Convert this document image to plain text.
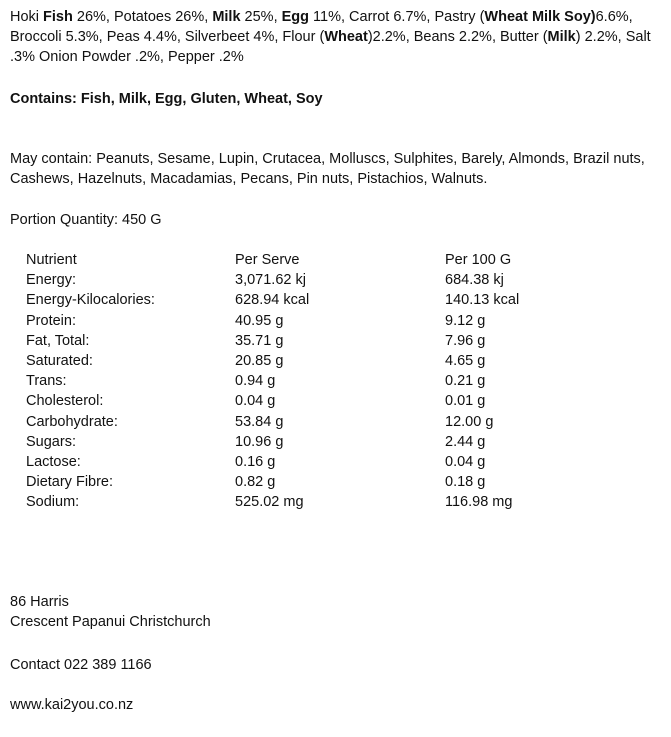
Hoki Fish 26%, Potatoes 26%, Milk 25%, Egg 11%, Carrot 6.7%, Pastry (Wheat Milk Soy)6.6%, Broccoli 5.3%, Peas 4.4%, Silverbeet 4%, Flour (Wheat)2.2%, Beans 2.2%, Butter (Milk) 2.2%, Salt .3% Onion Powder .2%, Pepper .2%
Contains: Fish, Milk, Egg, Gluten, Wheat, Soy
May contain: Peanuts, Sesame, Lupin, Crutacea, Molluscs, Sulphites, Barely, Almonds, Brazil nuts, Cashews, Hazelnuts, Macadamias, Pecans, Pin nuts, Pistachios, Walnuts.
Portion Quantity: 450 G
Nutrient	Per Serve	Per 100 G
Energy:	3,071.62 kj	684.38 kj
Energy-Kilocalories:	628.94 kcal	140.13 kcal
Protein:	40.95 g	9.12 g
Fat, Total:	35.71 g	7.96 g
Saturated:	20.85 g	4.65 g
Trans:	0.94 g	0.21 g
Cholesterol:	0.04 g	0.01 g
Carbohydrate:	53.84 g	12.00 g
Sugars:	10.96 g	2.44 g
Lactose:	0.16 g	0.04 g
Dietary Fibre:	0.82 g	0.18 g
Sodium:	525.02 mg	116.98 mg
86 Harris
Crescent Papanui Christchurch
Contact 022 389 1166
www.kai2you.co.nz
